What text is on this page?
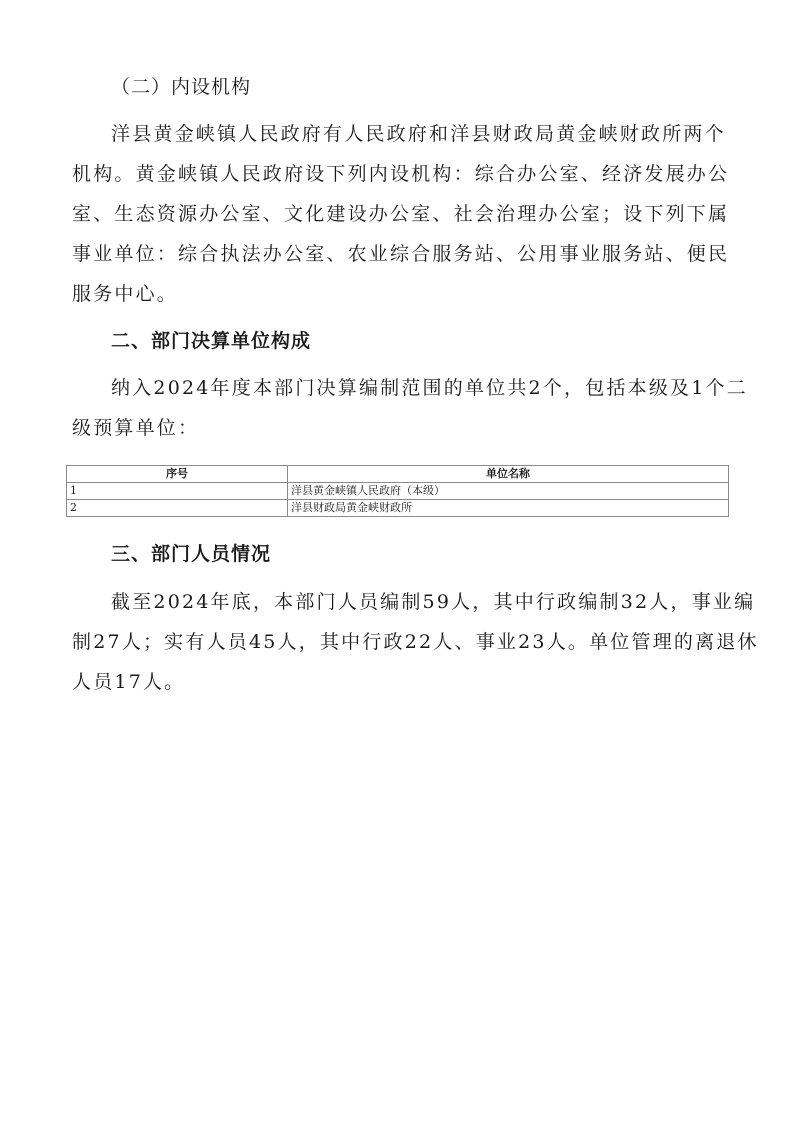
（二）内设机构

洋县黄金峡镇人民政府有人民政府和洋县财政局黄金峡财政所两个
机构。黄金峡镇人民政府设下列内设机构：综合办公室、经济发展办公
室、生态资源办公室、文化建设办公室、社会治理办公室；设下列下属
事业单位：综合执法办公室、农业综合服务站、公用事业服务站、便民
服务中心。

二、部门决算单位构成

纳入2024年度本部门决算编制范围的单位共2个，包括本级及1个二
级预算单位：

序号	单位名称
1	洋县黄金峡镇人民政府（本级）
2	洋县财政局黄金峡财政所
三、部门人员情况

截至2024年底，本部门人员编制59人，其中行政编制32人，事业编
制27人；实有人员45人，其中行政22人、事业23人。单位管理的离退休
人员17人。
